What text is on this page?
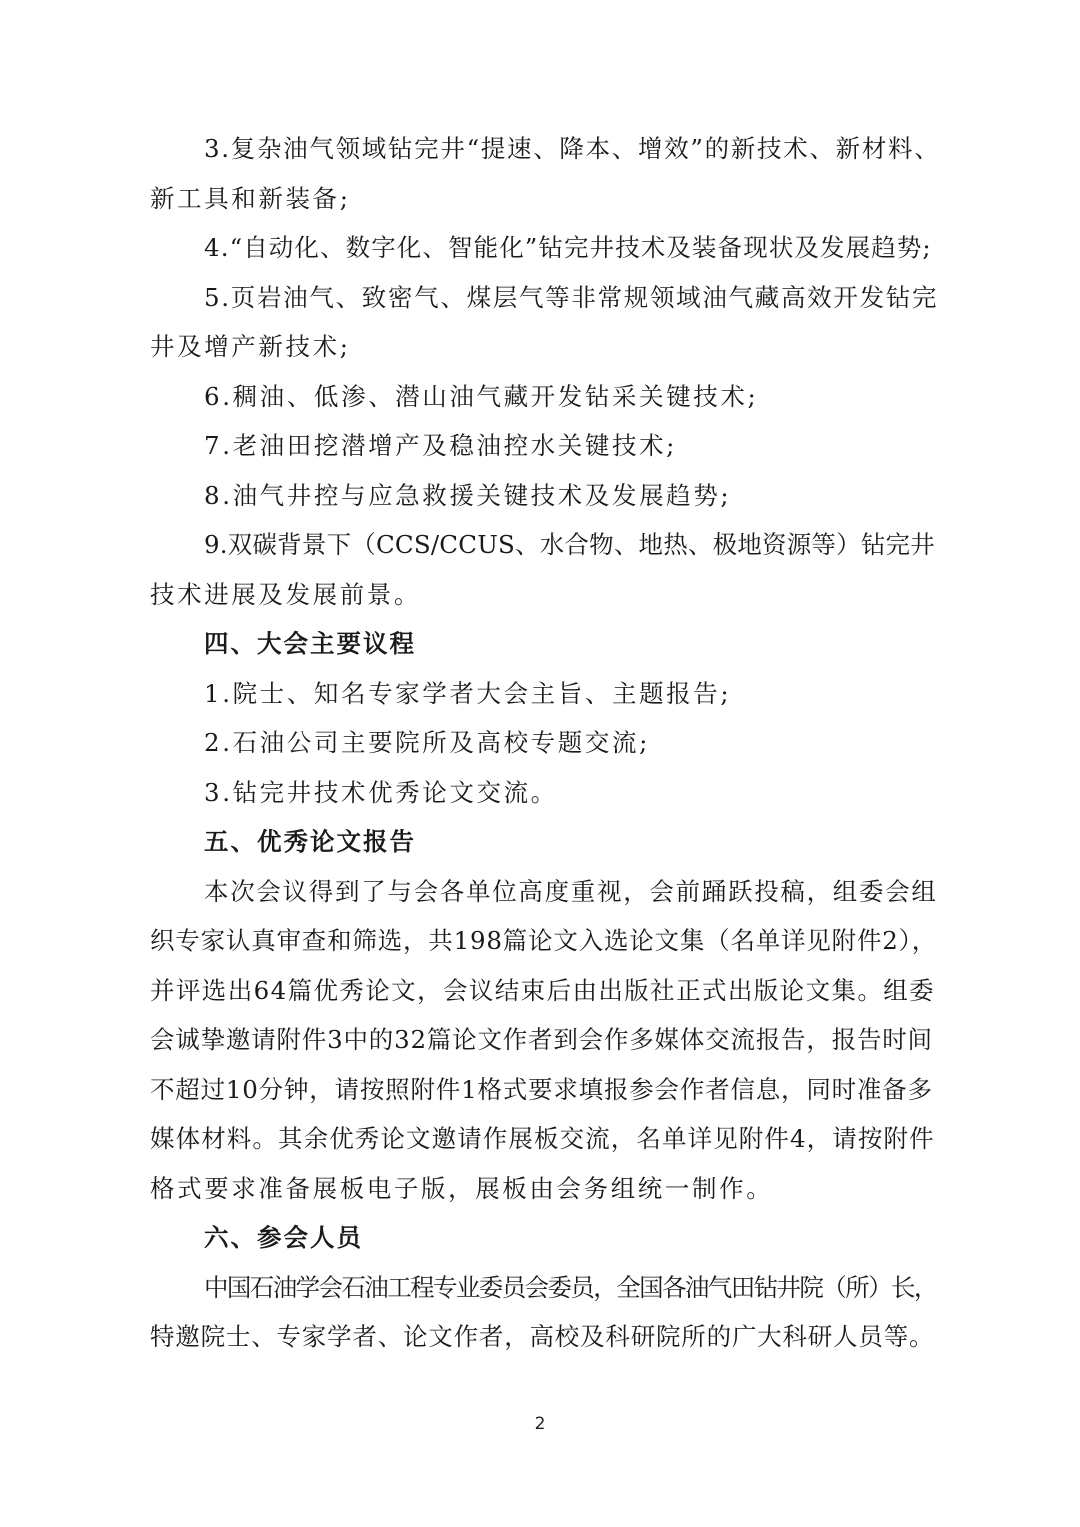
3.复杂油气领域钻完井“提速、降本、增效”的新技术、新材料、
新工具和新装备;
4.“自动化、数字化、智能化”钻完井技术及装备现状及发展趋势;
5.页岩油气、致密气、煤层气等非常规领域油气藏高效开发钻完
井及增产新技术;
6.稠油、低渗、潜山油气藏开发钻采关键技术;
7.老油田挖潜增产及稳油控水关键技术;
8.油气井控与应急救援关键技术及发展趋势;
9.双碳背景下（CCS/CCUS、水合物、地热、极地资源等）钻完井
技术进展及发展前景。
四、大会主要议程
1.院士、知名专家学者大会主旨、主题报告;
2.石油公司主要院所及高校专题交流;
3.钻完井技术优秀论文交流。
五、优秀论文报告
本次会议得到了与会各单位高度重视，会前踊跃投稿，组委会组
织专家认真审查和筛选，共198篇论文入选论文集（名单详见附件2），
并评选出64篇优秀论文，会议结束后由出版社正式出版论文集。组委
会诚挚邀请附件3中的32篇论文作者到会作多媒体交流报告，报告时间
不超过10分钟，请按照附件1格式要求填报参会作者信息，同时准备多
媒体材料。其余优秀论文邀请作展板交流，名单详见附件4，请按附件
格式要求准备展板电子版，展板由会务组统一制作。
六、参会人员
中国石油学会石油工程专业委员会委员，全国各油气田钻井院（所）长，
特邀院士、专家学者、论文作者，高校及科研院所的广大科研人员等。
2
